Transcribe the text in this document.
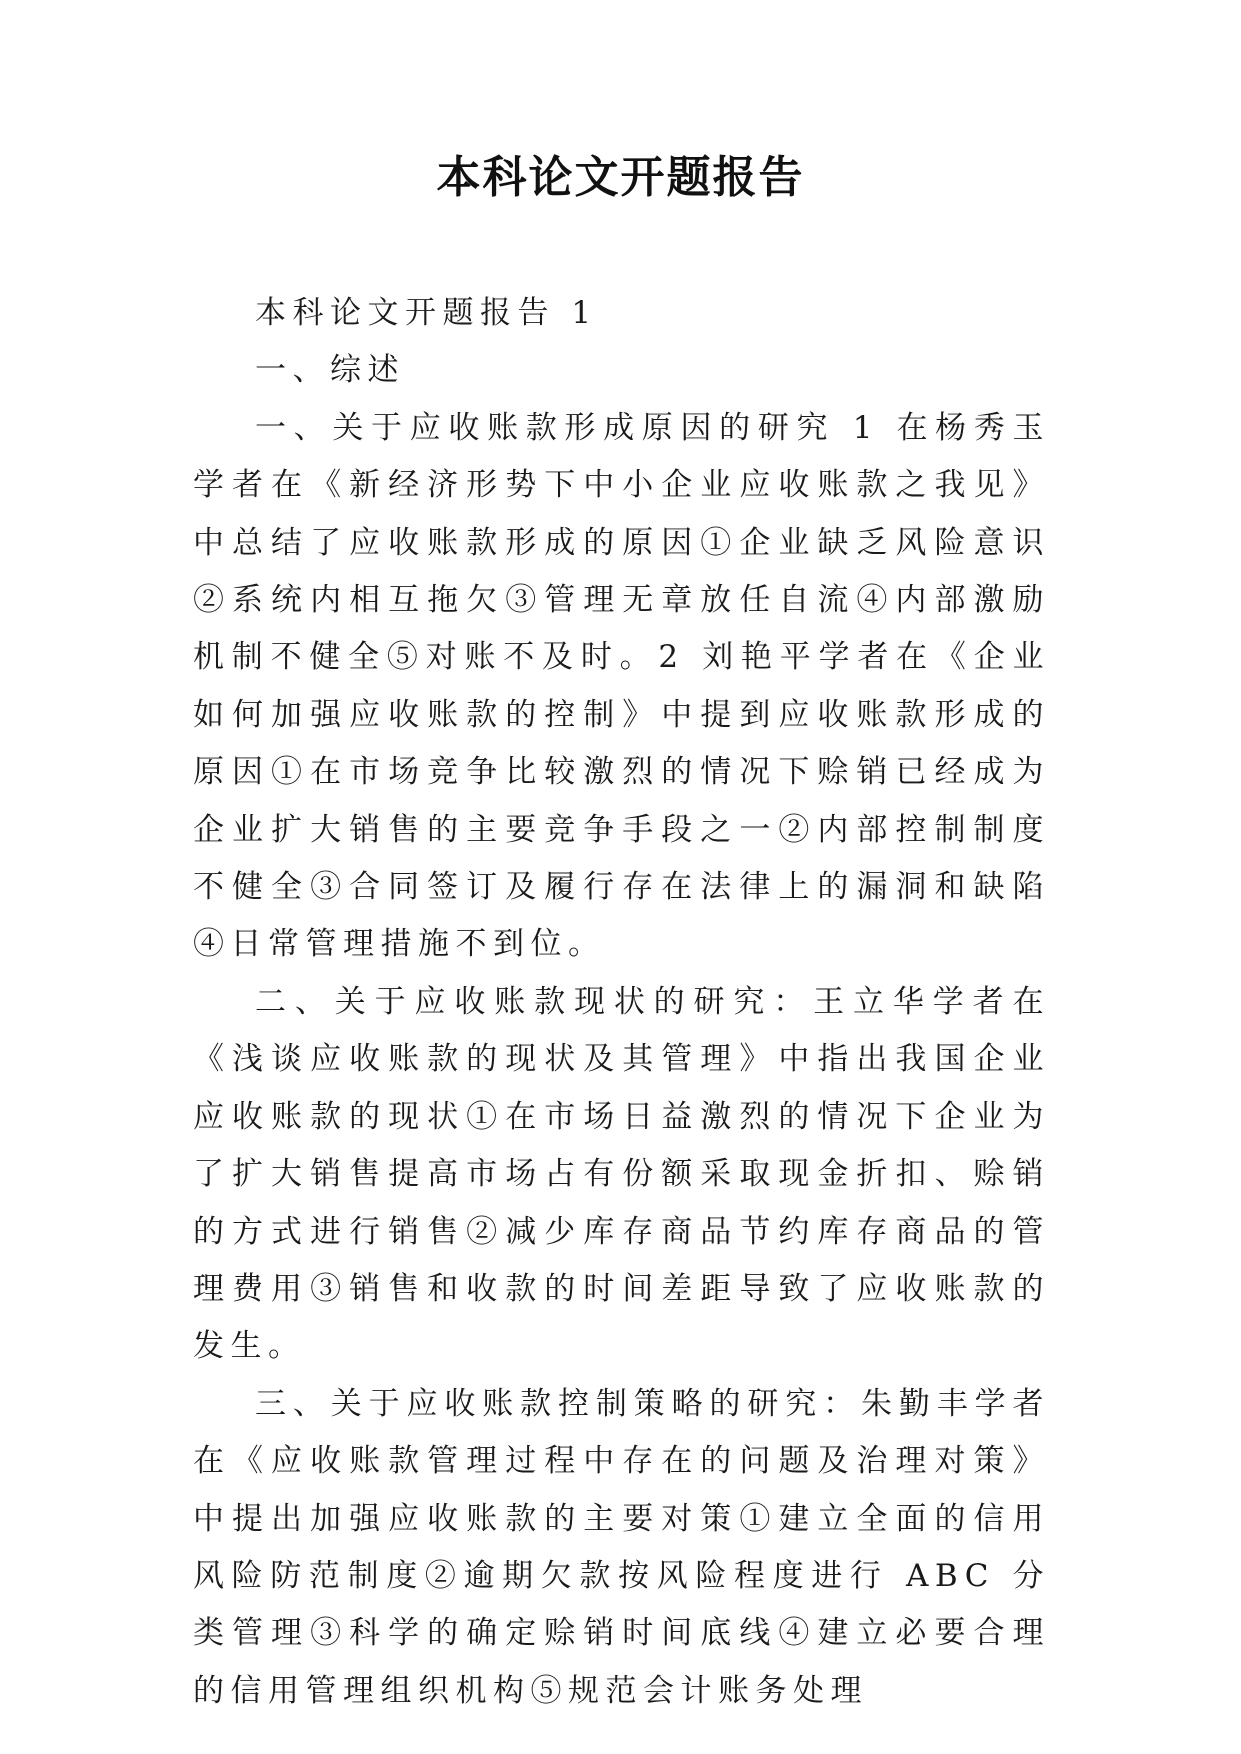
本科论文开题报告

本科论文开题报告 1

一、综述

一、关于应收账款形成原因的研究 1 在杨秀玉学者在《新经济形势下中小企业应收账款之我见》中总结了应收账款形成的原因①企业缺乏风险意识②系统内相互拖欠③管理无章放任自流④内部激励机制不健全⑤对账不及时。2 刘艳平学者在《企业如何加强应收账款的控制》中提到应收账款形成的原因①在市场竞争比较激烈的情况下赊销已经成为企业扩大销售的主要竞争手段之一②内部控制制度不健全③合同签订及履行存在法律上的漏洞和缺陷④日常管理措施不到位。

二、关于应收账款现状的研究：王立华学者在《浅谈应收账款的现状及其管理》中指出我国企业应收账款的现状①在市场日益激烈的情况下企业为了扩大销售提高市场占有份额采取现金折扣、赊销的方式进行销售②减少库存商品节约库存商品的管理费用③销售和收款的时间差距导致了应收账款的发生。

三、关于应收账款控制策略的研究：朱勤丰学者在《应收账款管理过程中存在的问题及治理对策》中提出加强应收账款的主要对策①建立全面的信用风险防范制度②逾期欠款按风险程度进行 ABC 分类管理③科学的确定赊销时间底线④建立必要合理的信用管理组织机构⑤规范会计账务处理
